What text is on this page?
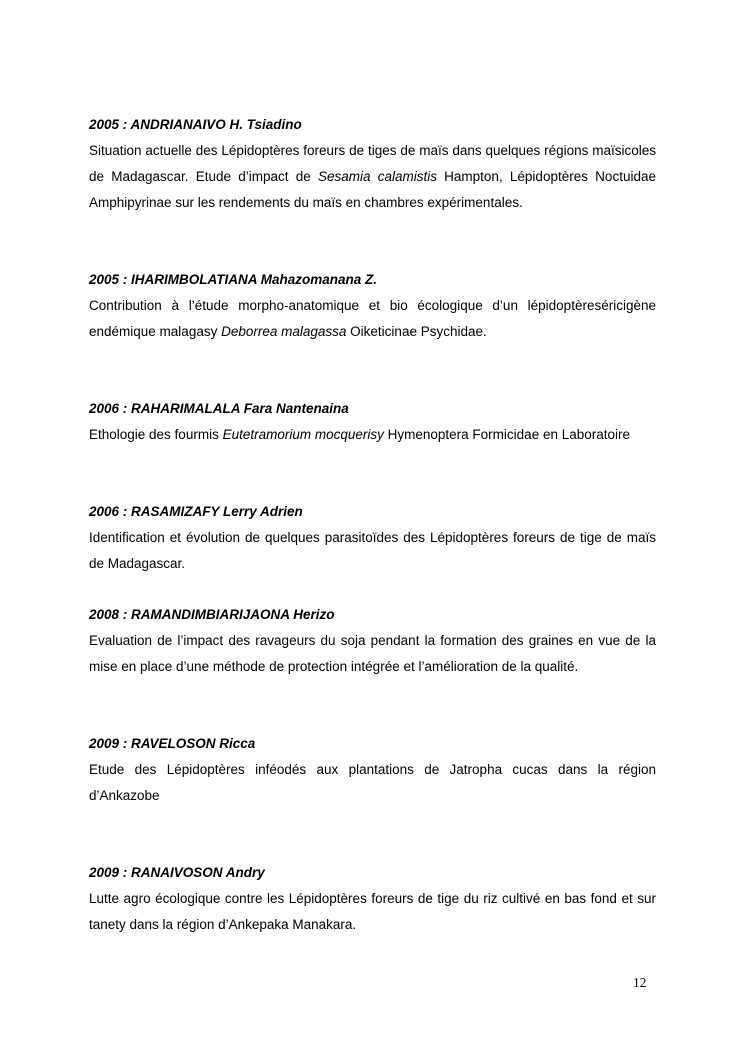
2005 : ANDRIANAIVO H. Tsiadino

Situation actuelle des Lépidoptères foreurs de tiges de maïs dans quelques régions maïsicoles de Madagascar. Etude d’impact de Sesamia calamistis Hampton, Lépidoptères Noctuidae Amphipyrinae sur les rendements du maïs en chambres expérimentales.

2005 : IHARIMBOLATIANA Mahazomanana Z.

Contribution à l’étude morpho-anatomique et bio écologique d’un lépidoptèreséricigène endémique malagasy Deborrea malagassa Oiketicinae Psychidae.

2006 : RAHARIMALALA Fara Nantenaina

Ethologie des fourmis Eutetramorium mocquerisy Hymenoptera Formicidae en Laboratoire

2006 : RASAMIZAFY Lerry Adrien

Identification et évolution de quelques parasitoïdes des Lépidoptères foreurs de tige de maïs de Madagascar.

2008 : RAMANDIMBIARIJAONA Herizo

Evaluation de l’impact des ravageurs du soja pendant la formation des graines en vue de la mise en place d’une méthode de protection intégrée et l’amélioration de la qualité.

2009 : RAVELOSON Ricca

Etude des Lépidoptères inféodés aux plantations de Jatropha cucas dans la région d’Ankazobe

2009 : RANAIVOSON Andry

Lutte agro écologique contre les Lépidoptères foreurs de tige du riz cultivé en bas fond et sur tanety dans la région d’Ankepaka Manakara.

12
